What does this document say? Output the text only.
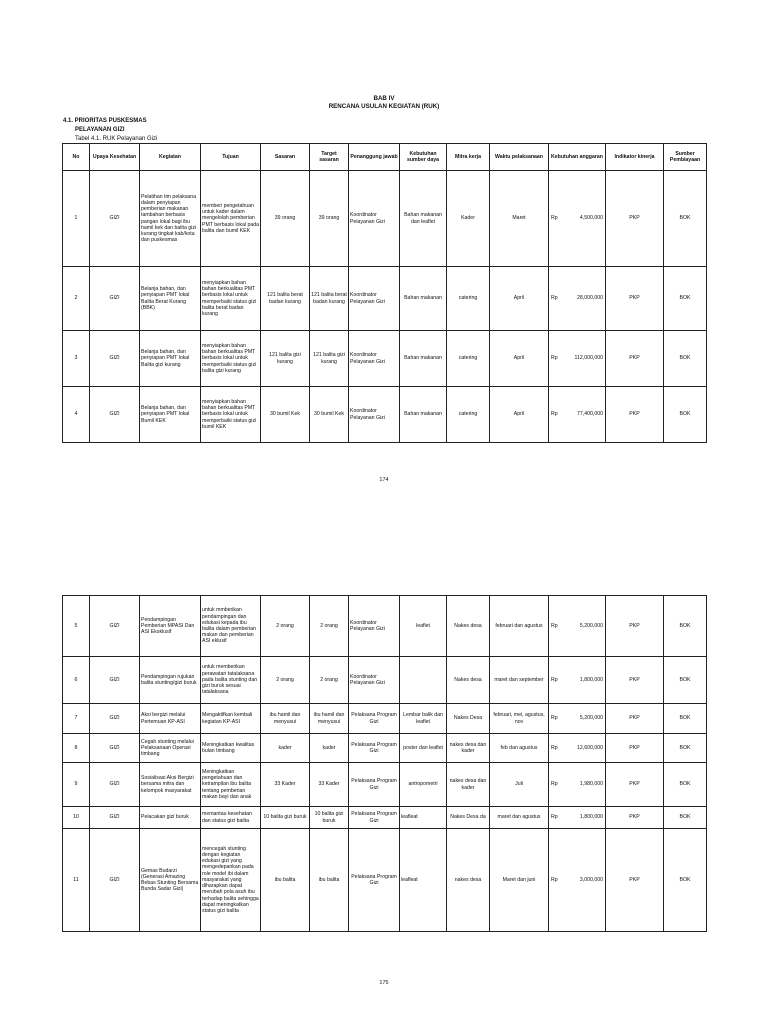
BAB IV
RENCANA USULAN KEGIATAN (RUK)
4.1. PRIORITAS PUSKESMAS
PELAYANAN GIZI
Tabel 4.1. RUK Pelayanan Gizi
No	Upaya Kesehatan	Kegiatan	Tujuan	Sasaran	Target sasaran	Penanggung jawab	Kebutuhan sumber daya	Mitra kerja	Waktu pelaksanaan	Kebutuhan anggaran		Indikator kinerja	Sumber Pembiayaan
1	GIZI	Pelatihan tim pelaksana dalam penyiapan pemberian makanan tambahan berbasis pangan lokal bagi ibu hamil kek dan balita gizi kurang tingkat kab/kota dan puskesmas	memberi pengetahuan untuk kader dalam mengelolah pemberian PMT berbasis lokal pada balita dan bumil KEK	39 orang	39 orang	Koordinator Pelayanan Gizi	Bahan makanan dan leaflet	Kader	Maret	Rp	4,500,000	PKP	BOK
2	GIZI	Belanja bahan, dan penyiapan PMT lokal Balita Berat Kurang (BBK)	menyiapkan bahan bahan berkualitas PMT berbasis lokal untuk memperbaiki status gizi balita berat badan kurang	121 balita berat badan kurang	121 balita berat badan kurang	Koordinator Pelayanan Gizi	Bahan makanan	catering	April	Rp	28,000,000	PKP	BOK
3	GIZI	Belanja bahan, dan penyiapan PMT lokal Balita gizi kurang	menyiapkan bahan bahan berkualitas PMT berbasis lokal untuk memperbaiki status gizi balita gizi kurang	121 balita gizi kurang	121 balita gizi kurang	Koordinator Pelayanan Gizi	Bahan makanan	catering	April	Rp	112,000,000	PKP	BOK
4	GIZI	Belanja bahan, dan penyiapan PMT lokal Bumil KEK	menyiapkan bahan bahan berkualitas PMT berbasis lokal untuk memperbaiki status gizi bumil KEK	30 bumil Kek	30 bumil Kek	Koordinator Pelayanan Gizi	Bahan makanan	catering	April	Rp	77,400,000	PKP	BOK
174
5	GIZI	Pendampingan Pemberian MPASI Dan ASI Eksklusif	untuk mmberikan pendampingan dan edukasi kepada ibu balita dalam pemberian makan dan pemberian ASI eklusif	2 orang	2 orang	Koordinator Pelayanan Gizi	leaflet	Nakes desa	februari dan agustus	Rp	5,200,000	PKP	BOK
6	GIZI	Pendampingan rujukan balita stunting/gizi buruk	untuk memberikan perawatan tatalaksana pada balita stunting dan gizi buruk sesuai tatalaksana	2 orang	2 orang	Koordinator Pelayanan Gizi		Nakes desa	maret dan september	Rp	1,800,000	PKP	BOK
7	GIZI	Aksi bergizi melalui Pertemuan KP-ASI	Mengaktifkan kembali kegiatan KP-ASI	ibu hamil dan menyusui	ibu hamil dan menyusui	Pelaksana Program Gizi	Lembar balik dan leaflet	Nakes Desa	februari, mei, agustus, nov	Rp	5,200,000	PKP	BOK
8	GIZI	Cegah stunting melalui Pelaksanaan Operasi timbang	Meningkatkan kwalitas bulan timbang	kader	kader	Pelaksana Program Gizi	poster dan leaflet	nakes desa dan kader	feb dan agustus	Rp	12,600,000	PKP	BOK
9	GIZI	Sosialisasi Aksi Bergizi bersama mitra dan kelompok masyarakat	Meningkatkan pengetahuan dan ketrampilan ibu balita tentang pemberian makan bayi dan anak	33 Kader	33 Kader	Pelaksana Program Gizi	antropometri	nakes desa dan kader	Juli	Rp	1,980,000	PKP	BOK
10	GIZI	Pelacakan gizi buruk	memantau kesehatan dan status gizi balita	10 balita gizi buruk	10 balita gizi buruk	Pelaksana Program Gizi	leafleat	Nakes Desa da	maret dan agustus	Rp	1,800,000	PKP	BOK
11	GIZI	Gemas Budarzi (Generasi Amazing Bebas Stunting Bersama Bunda Sadar Gizi)	mencegah stunting dengan kegiatan edukasi gizi yang mengedepankan pada role model ibi dalam masyarakat yang diharapkan dapat merubah pola asuh ibu terhadap balita sehingga dapat meningkatkan status gizi balita	ibu balita	ibu balita	Pelaksana Program Gizi	leafleat	nakes desa	Maret dan juni	Rp	3,000,000	PKP	BOK
175
